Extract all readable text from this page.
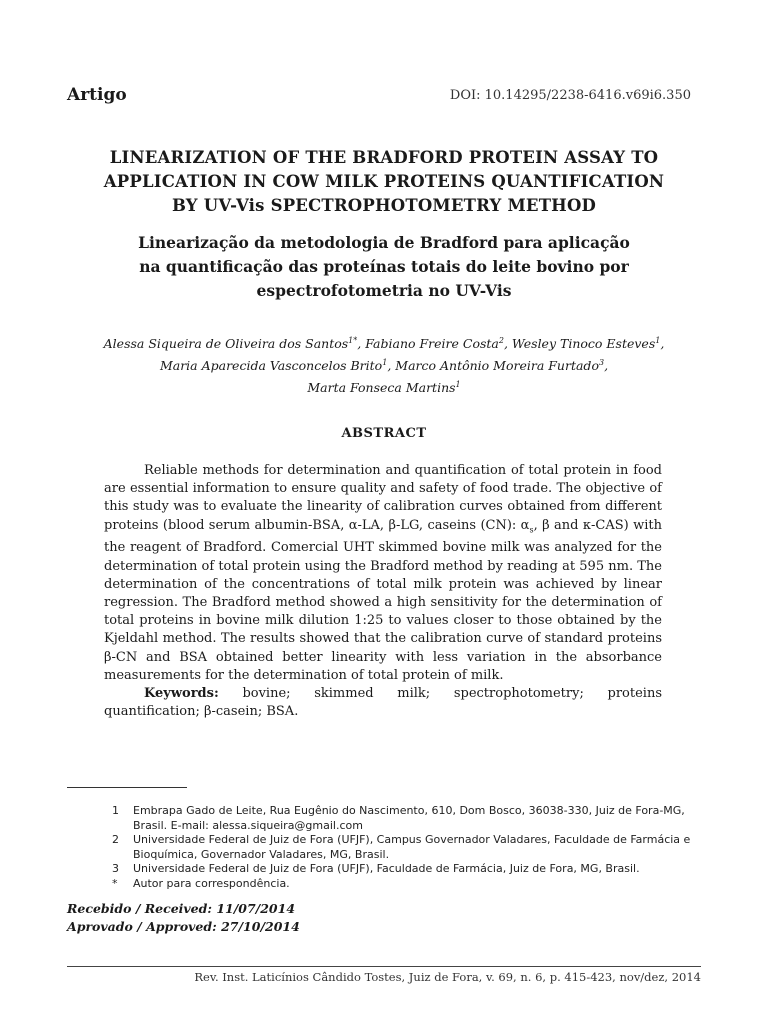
Artigo	DOI: 10.14295/2238-6416.v69i6.350
LINEARIZATION OF THE BRADFORD PROTEIN ASSAY TO
APPLICATION IN COW MILK PROTEINS QUANTIFICATION
BY UV-Vis SPECTROPHOTOMETRY METHOD
Linearização da metodologia de Bradford para aplicação
na quantificação das proteínas totais do leite bovino por
espectrofotometria no UV-Vis
Alessa Siqueira de Oliveira dos Santos$^{1*}$, Fabiano Freire Costa$^2$, Wesley Tinoco Esteves$^1$,
Maria Aparecida Vasconcelos Brito$^1$, Marco Antônio Moreira Furtado$^3$,
Marta Fonseca Martins$^1$
ABSTRACT

Reliable methods for determination and quantification of total protein in food are essential information to ensure quality and safety of food trade. The objective of this study was to evaluate the linearity of calibration curves obtained from different proteins (blood serum albumin-BSA, α-LA, β-LG, caseins (CN): $\alpha_s$, β and κ-CAS) with the reagent of Bradford. Comercial UHT skimmed bovine milk was analyzed for the determination of total protein using the Bradford method by reading at 595 nm. The determination of the concentrations of total milk protein was achieved by linear regression. The Bradford method showed a high sensitivity for the determination of total proteins in bovine milk dilution 1:25 to values closer to those obtained by the Kjeldahl method. The results showed that the calibration curve of standard proteins β-CN and BSA obtained better linearity with less variation in the absorbance measurements for the determination of total protein of milk.

Keywords: bovine; skimmed milk; spectrophotometry; proteins quantification; β-casein; BSA.

1	Embrapa Gado de Leite, Rua Eugênio do Nascimento, 610, Dom Bosco, 36038-330, Juiz de Fora-MG, Brasil. E-mail: alessa.siqueira@gmail.com
2	Universidade Federal de Juiz de Fora (UFJF), Campus Governador Valadares, Faculdade de Farmácia e Bioquímica, Governador Valadares, MG, Brasil.
3	Universidade Federal de Juiz de Fora (UFJF), Faculdade de Farmácia, Juiz de Fora, MG, Brasil.
*	Autor para correspondência.
Recebido / Received: 11/07/2014
Aprovado / Approved: 27/10/2014
Rev. Inst. Laticínios Cândido Tostes, Juiz de Fora, v. 69, n. 6, p. 415-423, nov/dez, 2014
